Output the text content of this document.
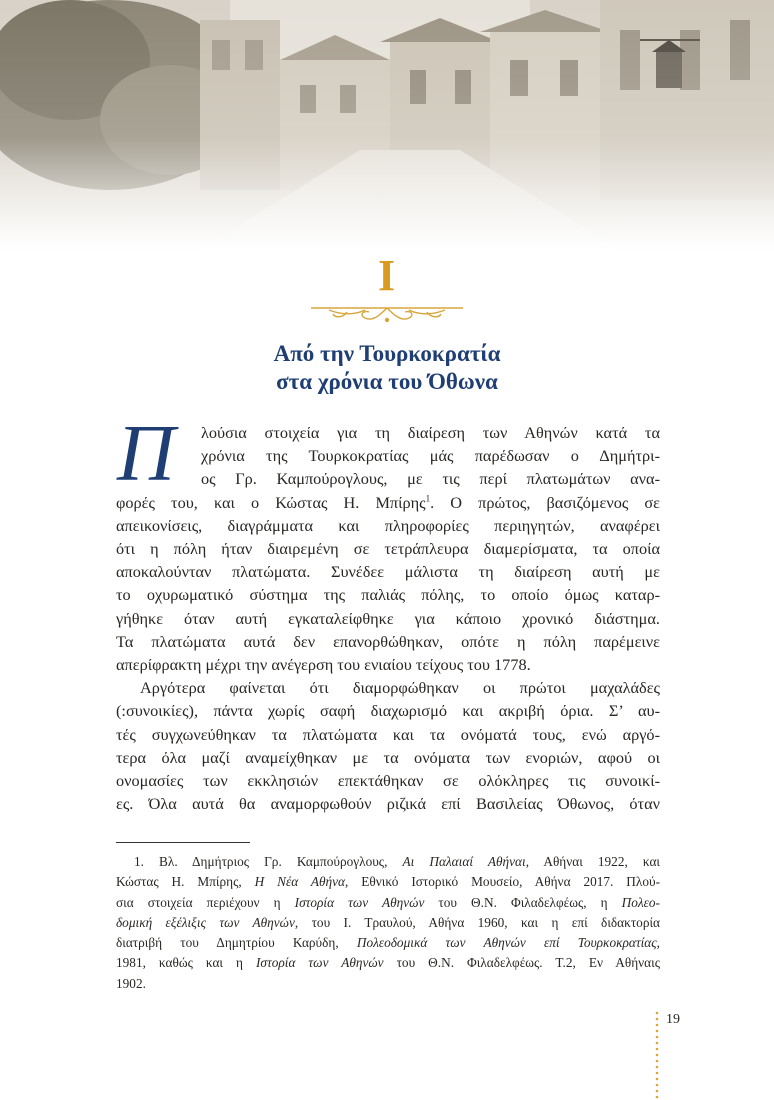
I
Από την Τουρκοκρατία
στα χρόνια του Όθωνα
Π	λούσια στοιχεία για τη διαίρεση των Αθηνών κατά τα
χρόνια της Τουρκοκρατίας μάς παρέδωσαν ο Δημήτρι-
ος Γρ. Καμπούρογλους, με τις περί πλατωμάτων ανα-
φορές του, και ο Κώστας Η. Μπίρης$^1$. Ο πρώτος, βασιζόμενος σε
απεικονίσεις, διαγράμματα και πληροφορίες περιηγητών, αναφέρει
ότι η πόλη ήταν διαιρεμένη σε τετράπλευρα διαμερίσματα, τα οποία
αποκαλούνταν πλατώματα. Συνέδεε μάλιστα τη διαίρεση αυτή με
το οχυρωματικό σύστημα της παλιάς πόλης, το οποίο όμως καταρ-
γήθηκε όταν αυτή εγκαταλείφθηκε για κάποιο χρονικό διάστημα.
Τα πλατώματα αυτά δεν επανορθώθηκαν, οπότε η πόλη παρέμεινε
απερίφρακτη μέχρι την ανέγερση του ενιαίου τείχους του 1778.
Αργότερα φαίνεται ότι διαμορφώθηκαν οι πρώτοι μαχαλάδες
(:συνοικίες), πάντα χωρίς σαφή διαχωρισμό και ακριβή όρια. Σ’ αυ-
τές συγχωνεύθηκαν τα πλατώματα και τα ονόματά τους, ενώ αργό-
τερα όλα μαζί αναμείχθηκαν με τα ονόματα των ενοριών, αφού οι
ονομασίες των εκκλησιών επεκτάθηκαν σε ολόκληρες τις συνοικί-
ες. Όλα αυτά θα αναμορφωθούν ριζικά επί Βασιλείας Όθωνος, όταν
1. Βλ. Δημήτριος Γρ. Καμπούρογλους, Αι Παλαιαί Αθήναι, Αθήναι 1922, και
Κώστας Η. Μπίρης, Η Νέα Αθήνα, Εθνικό Ιστορικό Μουσείο, Αθήνα 2017. Πλού-
σια στοιχεία περιέχουν η Ιστορία των Αθηνών του Θ.Ν. Φιλαδελφέως, η Πολεο-
δομική εξέλιξις των Αθηνών, του Ι. Τραυλού, Αθήνα 1960, και η επί διδακτορία
διατριβή του Δημητρίου Καρύδη, Πολεοδομικά των Αθηνών επί Τουρκοκρατίας,
1981, καθώς και η Ιστορία των Αθηνών του Θ.Ν. Φιλαδελφέως. Τ.2, Εν Αθήναις
1902.
19
